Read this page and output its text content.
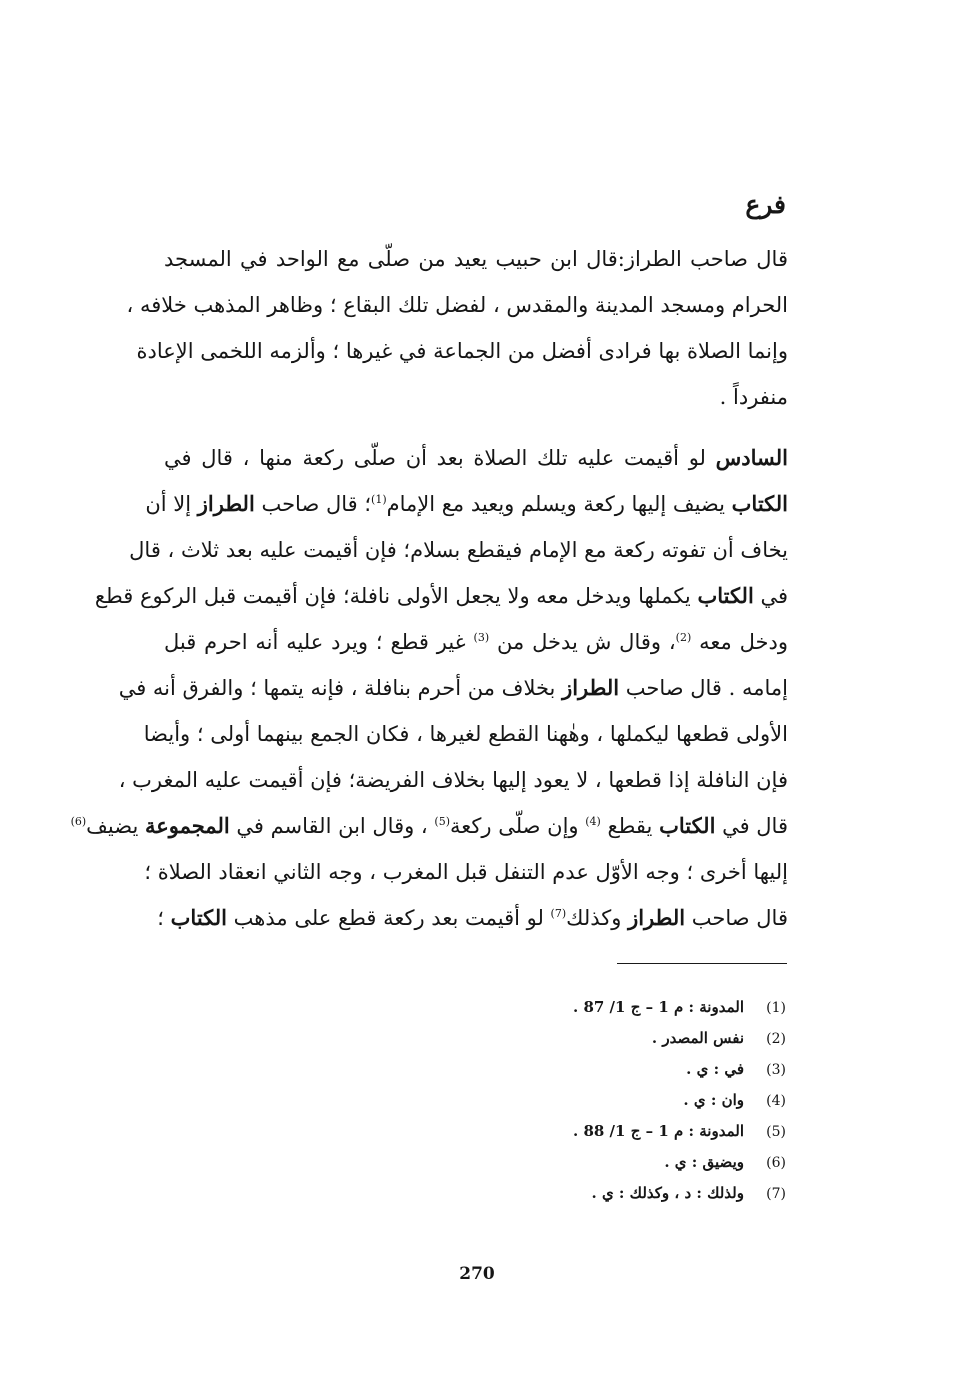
فرع
قال صاحب الطراز:قال ابن حبيب يعيد من صلّى مع الواحد في المسجد
الحرام ومسجد المدينة والمقدس ، لفضل تلك البقاع ؛ وظاهر المذهب خلافه ،
وإنما الصلاة بها فرادى أفضل من الجماعة في غيرها ؛ وألزمه اللخمى الإعادة
منفرداً .
السادس لو أقيمت عليه تلك الصلاة بعد أن صلّى ركعة منها ، قال في
الكتاب يضيف إليها ركعة ويسلم ويعيد مع الإمام$^{(1)}$؛ قال صاحب الطراز إلا أن
يخاف أن تفوته ركعة مع الإمام فيقطع بسلام؛ فإن أقيمت عليه بعد ثلاث ، قال
في الكتاب يكملها ويدخل معه ولا يجعل الأولى نافلة؛ فإن أقيمت قبل الركوع قطع
ودخل معه $^{(2)}$، وقال ش يدخل من $^{(3)}$ غير قطع ؛ ويرد عليه أنه احرم قبل
إمامه . قال صاحب الطراز بخلاف من أحرم بنافلة ، فإنه يتمها ؛ والفرق أنه في
الأولى قطعها ليكملها ، وهٰهنا القطع لغيرها ، فكان الجمع بينهما أولى ؛ وأيضا
فإن النافلة إذا قطعها ، لا يعود إليها بخلاف الفريضة؛ فإن أقيمت عليه المغرب ،
قال في الكتاب يقطع $^{(4)}$ وإن صلّى ركعة$^{(5)}$ ، وقال ابن القاسم في المجموعة يضيف$^{(6)}$
إليها أخرى ؛ وجه الأوّل عدم التنفل قبل المغرب ، وجه الثاني انعقاد الصلاة ؛
قال صاحب الطراز وكذلك$^{(7)}$ لو أقيمت بعد ركعة قطع على مذهب الكتاب ؛
(1)المدونة : م 1 – ج 1/ 87 .
(2)نفس المصدر .
(3)في : ي .
(4)وان : ي .
(5)المدونة : م 1 – ج 1/ 88 .
(6)ويضيق : ي .
(7)ولذلك : د ، وكذلك : ي .

270
